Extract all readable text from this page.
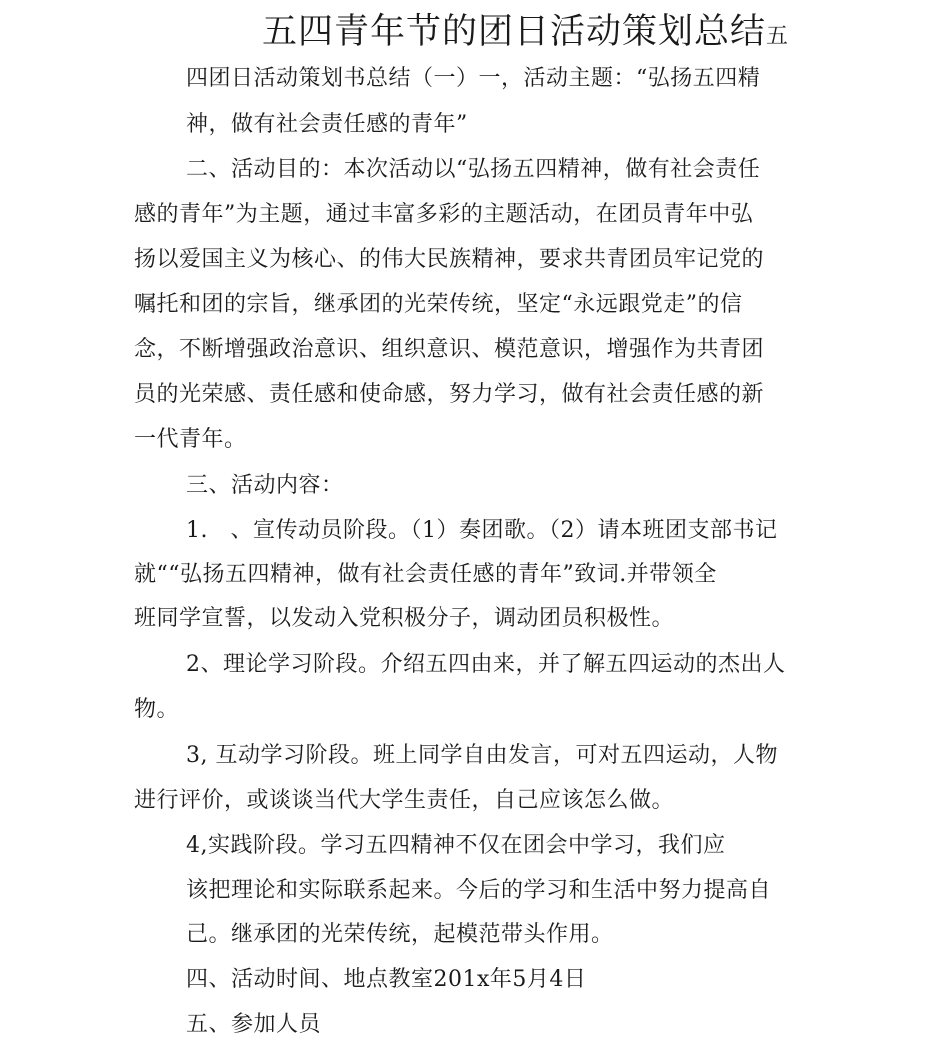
五四青年节的团日活动策划总结五
四团日活动策划书总结（一）一，活动主题：“弘扬五四精
神，做有社会责任感的青年”
二、活动目的：本次活动以“弘扬五四精神，做有社会责任
感的青年”为主题，通过丰富多彩的主题活动，在团员青年中弘
扬以爱国主义为核心、的伟大民族精神，要求共青团员牢记党的
嘱托和团的宗旨，继承团的光荣传统，坚定“永远跟党走”的信
念，不断增强政治意识、组织意识、模范意识，增强作为共青团
员的光荣感、责任感和使命感，努力学习，做有社会责任感的新
一代青年。
三、活动内容：
1.　、宣传动员阶段。（1）奏团歌。（2）请本班团支部书记
就““弘扬五四精神，做有社会责任感的青年”致词.并带领全
班同学宣誓，以发动入党积极分子，调动团员积极性。
2、理论学习阶段。介绍五四由来，并了解五四运动的杰出人
物。
3, 互动学习阶段。班上同学自由发言，可对五四运动，人物
进行评价，或谈谈当代大学生责任，自己应该怎么做。
4,实践阶段。学习五四精神不仅在团会中学习，我们应
该把理论和实际联系起来。今后的学习和生活中努力提高自
己。继承团的光荣传统，起模范带头作用。
四、活动时间、地点教室201x年5月4日
五、参加人员
